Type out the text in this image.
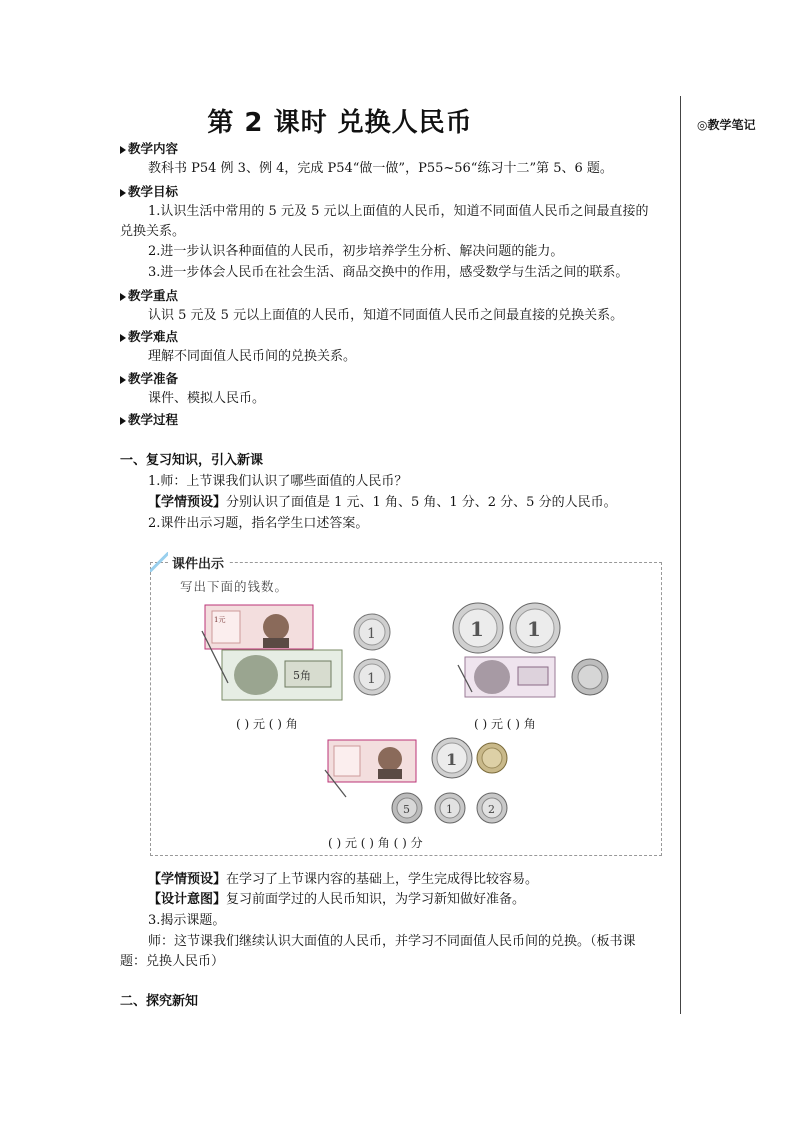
第 2 课时 兑换人民币	◎教学笔记
教学内容
教科书 P54 例 3、例 4，完成 P54“做一做”，P55~56“练习十二”第 5、6 题。
教学目标
1.认识生活中常用的 5 元及 5 元以上面值的人民币，知道不同面值人民币之间最直接的
兑换关系。
2.进一步认识各种面值的人民币，初步培养学生分析、解决问题的能力。
3.进一步体会人民币在社会生活、商品交换中的作用，感受数学与生活之间的联系。
教学重点
认识 5 元及 5 元以上面值的人民币，知道不同面值人民币之间最直接的兑换关系。
教学难点
理解不同面值人民币间的兑换关系。
教学准备
课件、模拟人民币。
教学过程
一、复习知识，引入新课
1.师：上节课我们认识了哪些面值的人民币？
【学情预设】分别认识了面值是 1 元、1 角、5 角、1 分、2 分、5 分的人民币。
2.课件出示习题，指名学生口述答案。
课件出示
写出下面的钱数。
1元
5角
1
1
1 1
1
5	1	2
( ) 元 ( ) 角	( ) 元 ( ) 角
( ) 元 ( ) 角 ( ) 分
【学情预设】在学习了上节课内容的基础上，学生完成得比较容易。
【设计意图】复习前面学过的人民币知识，为学习新知做好准备。
3.揭示课题。
师：这节课我们继续认识大面值的人民币，并学习不同面值人民币间的兑换。（板书课
题：兑换人民币）
二、探究新知
